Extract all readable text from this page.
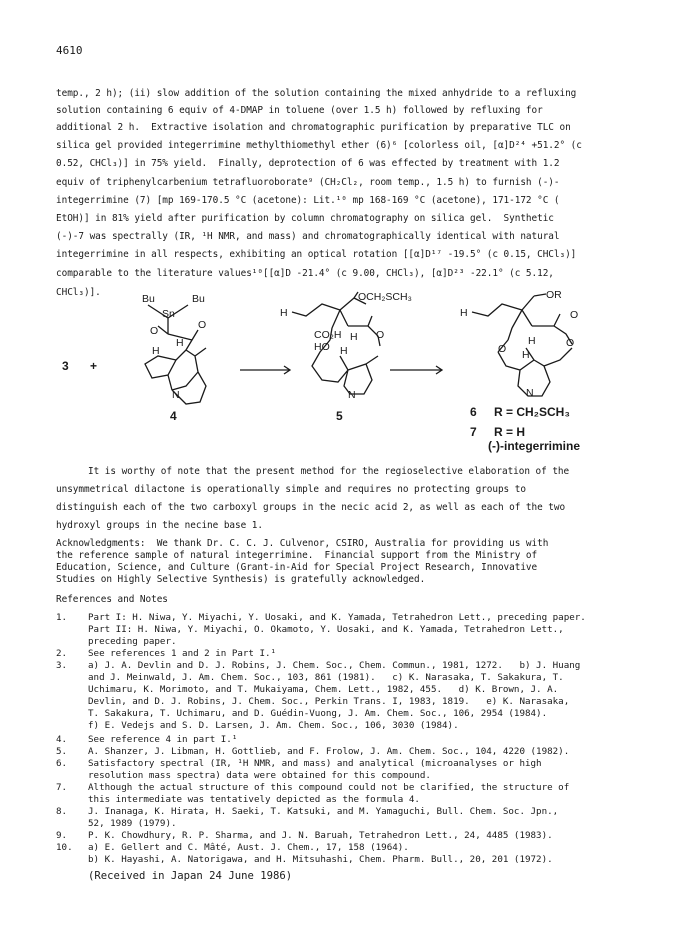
4610
temp., 2 h); (ii) slow addition of the solution containing the mixed anhydride to a refluxing
solution containing 6 equiv of 4-DMAP in toluene (over 1.5 h) followed by refluxing for
additional 2 h.  Extractive isolation and chromatographic purification by preparative TLC on
silica gel provided integerrimine methylthiomethyl ether (6)⁶ [colorless oil, [α]D²⁴ +51.2° (c
0.52, CHCl₃)] in 75% yield.  Finally, deprotection of 6 was effected by treatment with 1.2
equiv of triphenylcarbenium tetrafluoroborate⁹ (CH₂Cl₂, room temp., 1.5 h) to furnish (-)-
integerrimine (7) [mp 169-170.5 °C (acetone): Lit.¹⁰ mp 168-169 °C (acetone), 171-172 °C (
EtOH)] in 81% yield after purification by column chromatography on silica gel.  Synthetic
(-)-7 was spectrally (IR, ¹H NMR, and mass) and chromatographically identical with natural
integerrimine in all respects, exhibiting an optical rotation [[α]D¹⁷ -19.5° (c 0.15, CHCl₃)]
comparable to the literature values¹⁰[[α]D -21.4° (c 9.00, CHCl₃), [α]D²³ -22.1° (c 5.12,
CHCl₃)].
Bu	Bu
Sn
O
O
H
H
N
H
OCH₂SCH₃
O
CO₂H H
HO H
N
H
OR
O
O
H
O H
N
3 +
4	5	6 R = CH₂SCH₃
7 R = H
(-)-integerrimine
It is worthy of note that the present method for the regioselective elaboration of the
unsymmetrical dilactone is operationally simple and requires no protecting groups to
distinguish each of the two carboxyl groups in the necic acid 2, as well as each of the two
hydroxyl groups in the necine base 1.
Acknowledgments:  We thank Dr. C. C. J. Culvenor, CSIRO, Australia for providing us with
the reference sample of natural integerrimine.  Financial support from the Ministry of
Education, Science, and Culture (Grant-in-Aid for Special Project Research, Innovative
Studies on Highly Selective Synthesis) is gratefully acknowledged.
References and Notes
1. Part I: H. Niwa, Y. Miyachi, Y. Uosaki, and K. Yamada, Tetrahedron Lett., preceding paper.
Part II: H. Niwa, Y. Miyachi, O. Okamoto, Y. Uosaki, and K. Yamada, Tetrahedron Lett.,
preceding paper.
2. See references 1 and 2 in Part I.¹
3. a) J. A. Devlin and D. J. Robins, J. Chem. Soc., Chem. Commun., 1981, 1272.   b) J. Huang
and J. Meinwald, J. Am. Chem. Soc., 103, 861 (1981).   c) K. Narasaka, T. Sakakura, T.
Uchimaru, K. Morimoto, and T. Mukaiyama, Chem. Lett., 1982, 455.   d) K. Brown, J. A.
Devlin, and D. J. Robins, J. Chem. Soc., Perkin Trans. I, 1983, 1819.   e) K. Narasaka,
T. Sakakura, T. Uchimaru, and D. Guédin-Vuong, J. Am. Chem. Soc., 106, 2954 (1984).
f) E. Vedejs and S. D. Larsen, J. Am. Chem. Soc., 106, 3030 (1984).
4. See reference 4 in part I.¹
5. A. Shanzer, J. Libman, H. Gottlieb, and F. Frolow, J. Am. Chem. Soc., 104, 4220 (1982).
6. Satisfactory spectral (IR, ¹H NMR, and mass) and analytical (microanalyses or high
resolution mass spectra) data were obtained for this compound.
7. Although the actual structure of this compound could not be clarified, the structure of
this intermediate was tentatively depicted as the formula 4.
8. J. Inanaga, K. Hirata, H. Saeki, T. Katsuki, and M. Yamaguchi, Bull. Chem. Soc. Jpn.,
52, 1989 (1979).
9. P. K. Chowdhury, R. P. Sharma, and J. N. Baruah, Tetrahedron Lett., 24, 4485 (1983).
10. a) E. Gellert and C. Mâté, Aust. J. Chem., 17, 158 (1964).
b) K. Hayashi, A. Natorigawa, and H. Mitsuhashi, Chem. Pharm. Bull., 20, 201 (1972).
(Received in Japan 24 June 1986)
